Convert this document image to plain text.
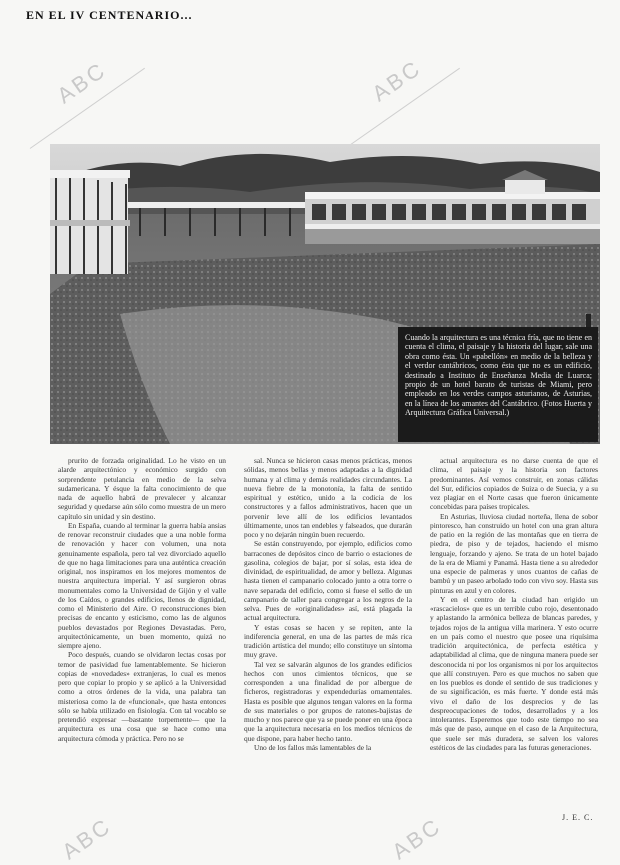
EN EL IV CENTENARIO...
ABC	ABC
ABC	ABC
Cuando la arquitectura es una técnica fría, que no tiene en cuenta el clima, el paisaje y la historia del lugar, sale una obra como ésta. Un «pabellón» en medio de la belleza y el verdor cantábricos, como ésta que no es un edificio, destinado a Instituto de Enseñanza Media de Luarca; propio de un hotel barato de turistas de Miami, pero empleado en los verdes campos asturianos, de Asturias, en la línea de los amantes del Cantábrico. (Fotos Huerta y Arquitectura Gráfica Universal.)

prurito de forzada originalidad. Lo he visto en un alarde arquitectónico y económico surgido con sorprendente petulancia en medio de la selva sudamericana. Y ésque la falta conocimiento de que nada de aquello habrá de prevalecer y alcanzar seguridad y quedarse aún sólo como muestra de un mero capítulo sin unidad y sin destino.

En España, cuando al terminar la guerra había ansias de renovar reconstruir ciudades que a una noble forma de renovación y hacer con volumen, una nota genuinamente española, pero tal vez divorciado aquello de que no haga limitaciones para una auténtica creación original, nos inspiramos en los mejores momentos de nuestra arquitectura imperial. Y así surgieron obras monumentales como la Universidad de Gijón y el valle de los Caídos, o grandes edificios, llenos de dignidad, como el Ministerio del Aire. O reconstrucciones bien precisas de encanto y esticismo, como las de algunos pueblos devastados por Regiones Devastadas. Pero, arquitectónicamente, un buen momento, quizá no siempre ajeno.

Poco después, cuando se olvidaron lectas cosas por temor de pasividad fue lamentablemente. Se hicieron copias de «novedades» extranjeras, lo cual es menos pero que copiar lo propio y se aplicó a la Universidad como a otros órdenes de la vida, una palabra tan misteriosa como la de «funcional», que hasta entonces sólo se había utilizado en fisiología. Con tal vocablo se pretendió expresar —bastante torpemente— que la arquitectura es una cosa que se hace como una arquitectura cómoda y práctica. Pero no se

sal. Nunca se hicieron casas menos prácticas, menos sólidas, menos bellas y menos adaptadas a la dignidad humana y al clima y demás realidades circundantes. La nueva fiebre de la monotonía, la falta de sentido espiritual y estético, unido a la codicia de los constructores y a fallos administrativos, hacen que un porvenir leve allí de los edificios levantados últimamente, unos tan endebles y falseados, que durarán poco y no dejarán ningún buen recuerdo.

Se están construyendo, por ejemplo, edificios como barracones de depósitos cinco de barrio o estaciones de gasolina, colegios de bajar, por sí solas, esta idea de divinidad, de espiritualidad, de amor y belleza. Algunas hasta tienen el campanario colocado junto a otra torre o nave separada del edificio, como si fuese el sello de un campanario de taller para congregar a los negros de la selva. Pues de «originalidades» así, está plagada la actual arquitectura.

Y estas cosas se hacen y se repiten, ante la indiferencia general, en una de las partes de más rica tradición artística del mundo; ello constituye un síntoma muy grave.

Tal vez se salvarán algunos de los grandes edificios hechos con unos cimientos técnicos, que se corresponden a una finalidad de por albergue de ficheros, registradoras y expendedurías ornamentales. Hasta es posible que algunos tengan valores en la forma de sus materiales o por grupos de ratones-bajistas de mucho y nos parece que ya se puede poner en una época que la arquitectura necesaria en los medios técnicos de que dispone, para haber hecho tanto.

Uno de los fallos más lamentables de la

actual arquitectura es no darse cuenta de que el clima, el paisaje y la historia son factores predominantes. Así vemos construir, en zonas cálidas del Sur, edificios copiados de Suiza o de Suecia, y a su vez plagiar en el Norte casas que fueron únicamente concebidas para países tropicales.

En Asturias, lluviosa ciudad norteña, llena de sobor pintoresco, han construido un hotel con una gran altura de patio en la región de las montañas que en tierra de piedra, de piso y de tejados, haciendo el mismo lenguaje, forzando y ajeno. Se trata de un hotel bajado de la era de Miami y Panamá. Hasta tiene a su alrededor una especie de palmeras y unos cuantos de cañas de bambú y un paseo arbolado todo con vivo soy. Hasta sus pinturas en azul y en colores.

Y en el centro de la ciudad han erigido un «rascacielos» que es un terrible cubo rojo, desentonado y aplastando la armónica belleza de blancas paredes, y tejados rojos de la antigua villa marinera. Y esto ocurre en un país como el nuestro que posee una riquísima tradición arquitectónica, de perfecta estética y adaptabilidad al clima, que de ninguna manera puede ser desconocida ni por los organismos ni por los arquitectos que allí construyen. Pero es que muchos no saben que en los pueblos es donde el sentido de sus tradiciones y de su significación, es más fuerte. Y donde está más vivo el daño de los desprecios y de las despreocupaciones de todos, desarrollados y a los intolerantes. Esperemos que todo este tiempo no sea más que de paso, aunque en el caso de la Arquitectura, que suele ser más duradera, se salven los valores estéticos de las ciudades para las futuras generaciones.

J. E. C.
